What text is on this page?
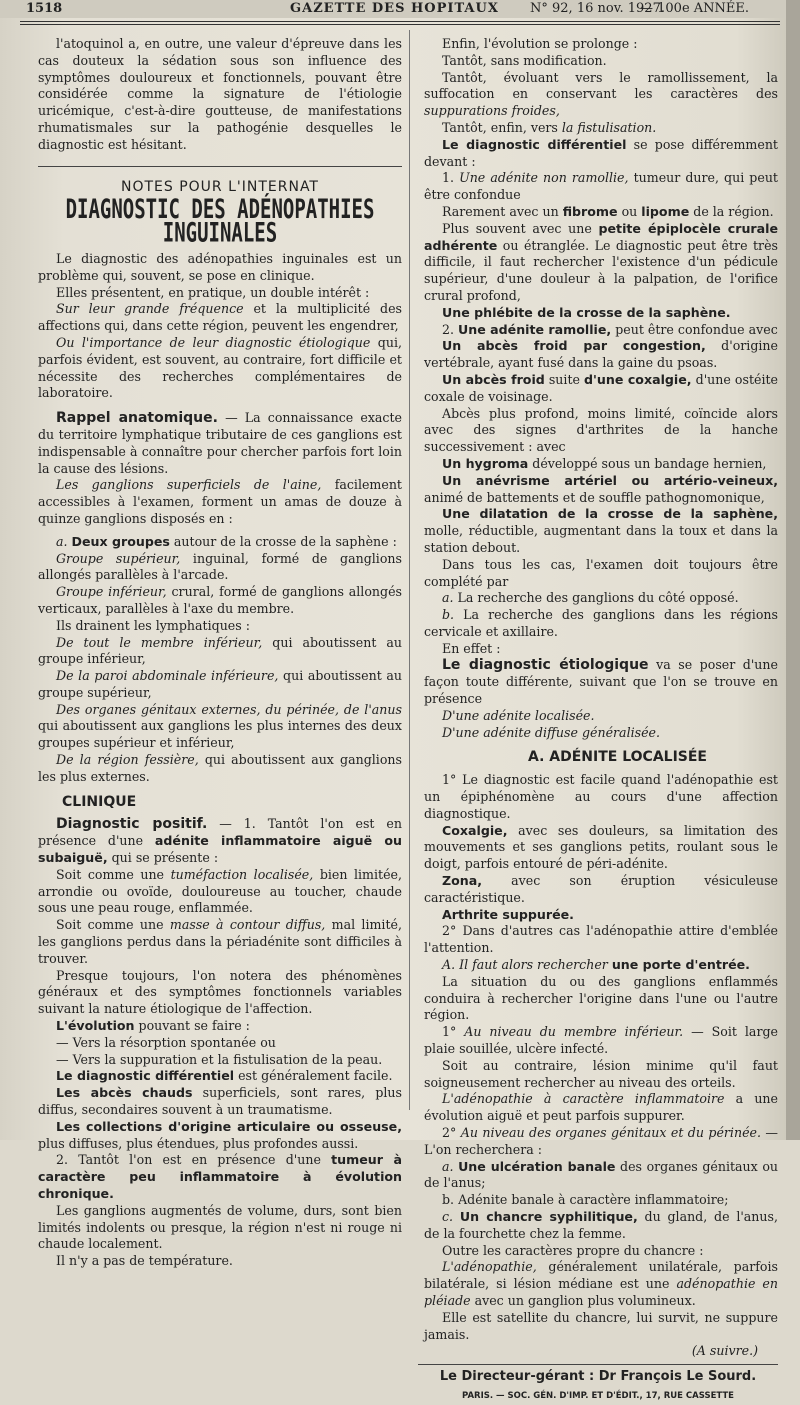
1518	GAZETTE DES HOPITAUX N° 92, 16 nov. 1927.
— 100e ANNÉE.

l'atoquinol a, en outre, une valeur d'épreuve dans les cas douteux la sédation sous son influence des symptômes douloureux et fonctionnels, pouvant être considérée comme la signature de l'étiologie uricémique, c'est-à-dire goutteuse, de manifestations rhumatismales sur la pathogénie desquelles le diagnostic est hésitant.

NOTES POUR L'INTERNAT
DIAGNOSTIC DES ADÉNOPATHIES INGUINALES

Le diagnostic des adénopathies inguinales est un problème qui, souvent, se pose en clinique.

Elles présentent, en pratique, un double intérêt :

Sur leur grande fréquence et la multiplicité des affections qui, dans cette région, peuvent les engendrer,

Ou l'importance de leur diagnostic étiologique qui, parfois évident, est souvent, au contraire, fort difficile et nécessite des recherches complémentaires de laboratoire.

Rappel anatomique. — La connaissance exacte du territoire lymphatique tributaire de ces ganglions est indispensable à connaître pour chercher parfois fort loin la cause des lésions.

Les ganglions superficiels de l'aine, facilement accessibles à l'examen, forment un amas de douze à quinze ganglions disposés en :

a. Deux groupes autour de la crosse de la saphène :

Groupe supérieur, inguinal, formé de ganglions allongés parallèles à l'arcade.

Groupe inférieur, crural, formé de ganglions allongés verticaux, parallèles à l'axe du membre.

Ils drainent les lymphatiques :

De tout le membre inférieur, qui aboutissent au groupe inférieur,

De la paroi abdominale inférieure, qui aboutissent au groupe supérieur,

Des organes génitaux externes, du périnée, de l'anus qui aboutissent aux ganglions les plus internes des deux groupes supérieur et inférieur,

De la région fessière, qui aboutissent aux ganglions les plus externes.

CLINIQUE

Diagnostic positif. — 1. Tantôt l'on est en présence d'une adénite inflammatoire aiguë ou subaiguë, qui se présente :

Soit comme une tuméfaction localisée, bien limitée, arrondie ou ovoïde, douloureuse au toucher, chaude sous une peau rouge, enflammée.

Soit comme une masse à contour diffus, mal limité, les ganglions perdus dans la périadénite sont difficiles à trouver.

Presque toujours, l'on notera des phénomènes généraux et des symptômes fonctionnels variables suivant la nature étiologique de l'affection.

L'évolution pouvant se faire :

— Vers la résorption spontanée ou

— Vers la suppuration et la fistulisation de la peau.

Le diagnostic différentiel est généralement facile.

Les abcès chauds superficiels, sont rares, plus diffus, secondaires souvent à un traumatisme.

Les collections d'origine articulaire ou osseuse, plus diffuses, plus étendues, plus profondes aussi.

2. Tantôt l'on est en présence d'une tumeur à caractère peu inflammatoire à évolution chronique.

Les ganglions augmentés de volume, durs, sont bien limités indolents ou presque, la région n'est ni rouge ni chaude localement.

Il n'y a pas de température.

Enfin, l'évolution se prolonge :

Tantôt, sans modification.

Tantôt, évoluant vers le ramollissement, la suffocation en conservant les caractères des suppurations froides,

Tantôt, enfin, vers la fistulisation.

Le diagnostic différentiel se pose différemment devant :

1. Une adénite non ramollie, tumeur dure, qui peut être confondue

Rarement avec un fibrome ou lipome de la région.

Plus souvent avec une petite épiplocèle crurale adhérente ou étranglée. Le diagnostic peut être très difficile, il faut rechercher l'existence d'un pédicule supérieur, d'une douleur à la palpation, de l'orifice crural profond,

Une phlébite de la crosse de la saphène.

2. Une adénite ramollie, peut être confondue avec

Un abcès froid par congestion, d'origine vertébrale, ayant fusé dans la gaine du psoas.

Un abcès froid suite d'une coxalgie, d'une ostéite coxale de voisinage.

Abcès plus profond, moins limité, coïncide alors avec des signes d'arthrites de la hanche successivement : avec

Un hygroma développé sous un bandage hernien,

Un anévrisme artériel ou artério-veineux, animé de battements et de souffle pathognomonique,

Une dilatation de la crosse de la saphène, molle, réductible, augmentant dans la toux et dans la station debout.

Dans tous les cas, l'examen doit toujours être complété par

a. La recherche des ganglions du côté opposé.

b. La recherche des ganglions dans les régions cervicale et axillaire.

En effet :

Le diagnostic étiologique va se poser d'une façon toute différente, suivant que l'on se trouve en présence

D'une adénite localisée.

D'une adénite diffuse généralisée.

A. ADÉNITE LOCALISÉE

1° Le diagnostic est facile quand l'adénopathie est un épiphénomène au cours d'une affection diagnostique.

Coxalgie, avec ses douleurs, sa limitation des mouvements et ses ganglions petits, roulant sous le doigt, parfois entouré de péri-adénite.

Zona, avec son éruption vésiculeuse caractéristique.

Arthrite suppurée.

2° Dans d'autres cas l'adénopathie attire d'emblée l'attention.

A. Il faut alors rechercher une porte d'entrée.

La situation du ou des ganglions enflammés conduira à rechercher l'origine dans l'une ou l'autre région.

1° Au niveau du membre inférieur. — Soit large plaie souillée, ulcère infecté.

Soit au contraire, lésion minime qu'il faut soigneusement rechercher au niveau des orteils.

L'adénopathie à caractère inflammatoire a une évolution aiguë et peut parfois suppurer.

2° Au niveau des organes génitaux et du périnée. — L'on recherchera :

a. Une ulcération banale des organes génitaux ou de l'anus;

b. Adénite banale à caractère inflammatoire;

c. Un chancre syphilitique, du gland, de l'anus, de la fourchette chez la femme.

Outre les caractères propre du chancre :

L'adénopathie, généralement unilatérale, parfois bilatérale, si lésion médiane est une adénopathie en pléiade avec un ganglion plus volumineux.

Elle est satellite du chancre, lui survit, ne suppure jamais.

(A suivre.)

Le Directeur-gérant : Dr François Le Sourd.
PARIS. — SOC. GÉN. D'IMP. ET D'ÉDIT., 17, RUE CASSETTE
